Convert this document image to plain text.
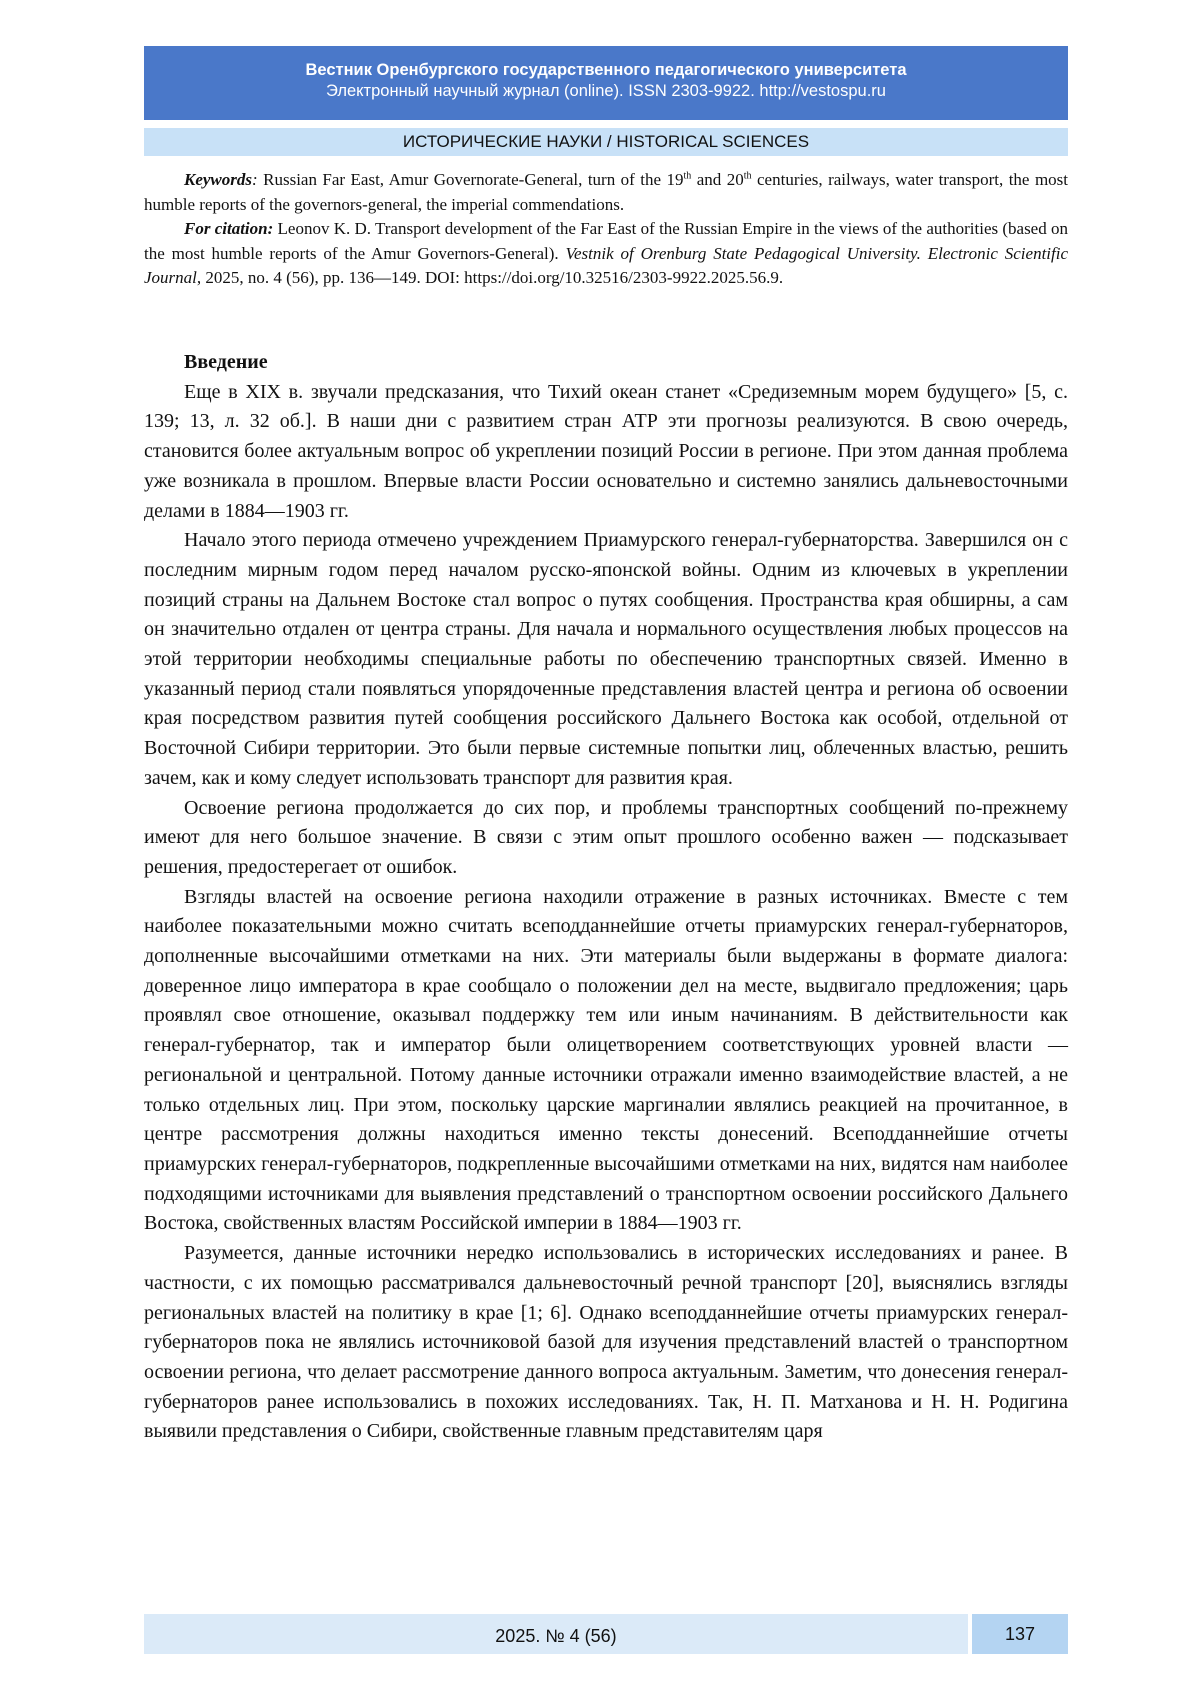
Вестник Оренбургского государственного педагогического университета
Электронный научный журнал (online). ISSN 2303-9922. http://vestospu.ru
ИСТОРИЧЕСКИЕ НАУКИ / HISTORICAL SCIENCES

Keywords: Russian Far East, Amur Governorate-General, turn of the 19th and 20th centuries, railways, water transport, the most humble reports of the governors-general, the imperial commendations.

For citation: Leonov K. D. Transport development of the Far East of the Russian Empire in the views of the authorities (based on the most humble reports of the Amur Governors-General). Vestnik of Orenburg State Pedagogical University. Electronic Scientific Journal, 2025, no. 4 (56), pp. 136—149. DOI: https://doi.org/10.32516/2303-9922.2025.56.9.

Введение

Еще в XIX в. звучали предсказания, что Тихий океан станет «Средиземным морем будущего» [5, с. 139; 13, л. 32 об.]. В наши дни с развитием стран АТР эти прогнозы реализуются. В свою очередь, становится более актуальным вопрос об укреплении позиций России в регионе. При этом данная проблема уже возникала в прошлом. Впервые власти России основательно и системно занялись дальневосточными делами в 1884—1903 гг.

Начало этого периода отмечено учреждением Приамурского генерал-губернаторства. Завершился он с последним мирным годом перед началом русско-японской войны. Одним из ключевых в укреплении позиций страны на Дальнем Востоке стал вопрос о путях сообщения. Пространства края обширны, а сам он значительно отдален от центра страны. Для начала и нормального осуществления любых процессов на этой территории необходимы специальные работы по обеспечению транспортных связей. Именно в указанный период стали появляться упорядоченные представления властей центра и региона об освоении края посредством развития путей сообщения российского Дальнего Востока как особой, отдельной от Восточной Сибири территории. Это были первые системные попытки лиц, облеченных властью, решить зачем, как и кому следует использовать транспорт для развития края.

Освоение региона продолжается до сих пор, и проблемы транспортных сообщений по-прежнему имеют для него большое значение. В связи с этим опыт прошлого особенно важен — подсказывает решения, предостерегает от ошибок.

Взгляды властей на освоение региона находили отражение в разных источниках. Вместе с тем наиболее показательными можно считать всеподданнейшие отчеты приамурских генерал-губернаторов, дополненные высочайшими отметками на них. Эти материалы были выдержаны в формате диалога: доверенное лицо императора в крае сообщало о положении дел на месте, выдвигало предложения; царь проявлял свое отношение, оказывал поддержку тем или иным начинаниям. В действительности как генерал-губернатор, так и император были олицетворением соответствующих уровней власти — региональной и центральной. Потому данные источники отражали именно взаимодействие властей, а не только отдельных лиц. При этом, поскольку царские маргиналии являлись реакцией на прочитанное, в центре рассмотрения должны находиться именно тексты донесений. Всеподданнейшие отчеты приамурских генерал-губернаторов, подкрепленные высочайшими отметками на них, видятся нам наиболее подходящими источниками для выявления представлений о транспортном освоении российского Дальнего Востока, свойственных властям Российской империи в 1884—1903 гг.

Разумеется, данные источники нередко использовались в исторических исследованиях и ранее. В частности, с их помощью рассматривался дальневосточный речной транспорт [20], выяснялись взгляды региональных властей на политику в крае [1; 6]. Однако всеподданнейшие отчеты приамурских генерал-губернаторов пока не являлись источниковой базой для изучения представлений властей о транспортном освоении региона, что делает рассмотрение данного вопроса актуальным. Заметим, что донесения генерал-губернаторов ранее использовались в похожих исследованиях. Так, Н. П. Матханова и Н. Н. Родигина выявили представления о Сибири, свойственные главным представителям царя

2025. № 4 (56)	137
